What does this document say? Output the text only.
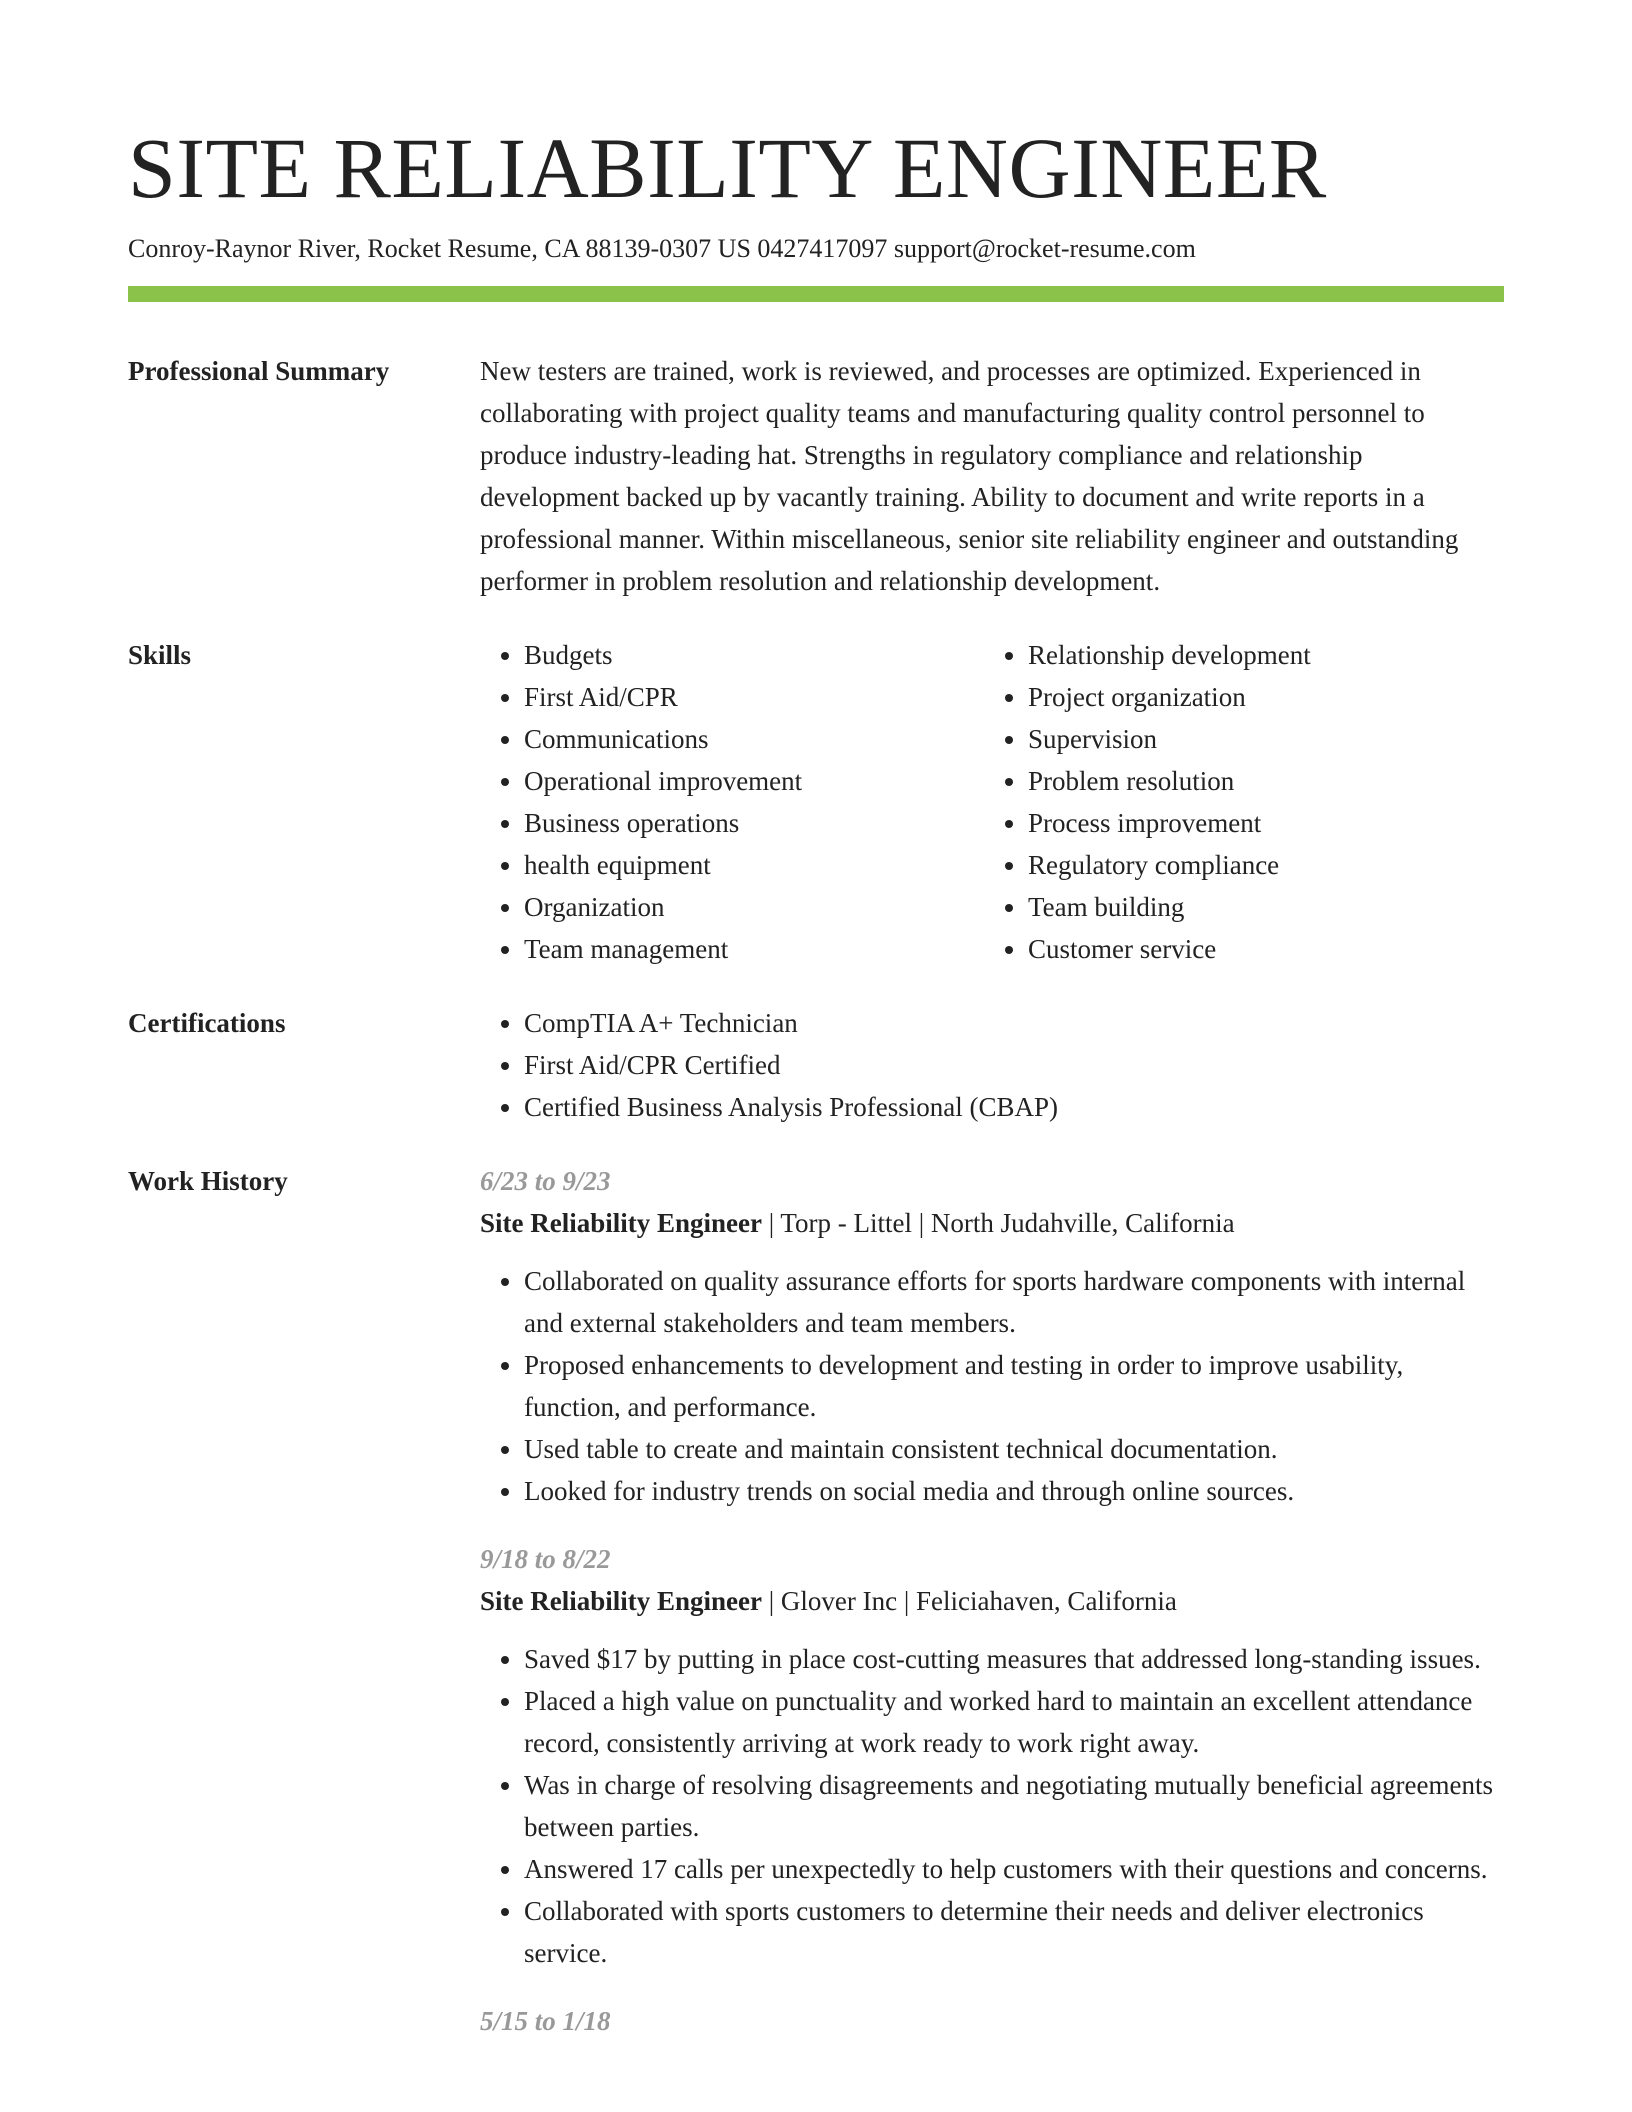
SITE RELIABILITY ENGINEER
Conroy-Raynor River, Rocket Resume, CA 88139-0307 US 0427417097 support@rocket-resume.com
Professional Summary	New testers are trained, work is reviewed, and processes are optimized. Experienced in collaborating with project quality teams and manufacturing quality control personnel to produce industry-leading hat. Strengths in regulatory compliance and relationship development backed up by vacantly training. Ability to document and write reports in a professional manner. Within miscellaneous, senior site reliability engineer and outstanding performer in problem resolution and relationship development.

Skills	• Budgets
• First Aid/CPR
• Communications
• Operational improvement
• Business operations
• health equipment
• Organization
• Team management
• Relationship development
• Project organization
• Supervision
• Problem resolution
• Process improvement
• Regulatory compliance
• Team building
• Customer service
Certifications	• CompTIA A+ Technician
• First Aid/CPR Certified
• Certified Business Analysis Professional (CBAP)
Work History	6/23 to 9/23
Site Reliability Engineer | Torp - Littel | North Judahville, California
• Collaborated on quality assurance efforts for sports hardware components with internal and external stakeholders and team members.
• Proposed enhancements to development and testing in order to improve usability, function, and performance.
• Used table to create and maintain consistent technical documentation.
• Looked for industry trends on social media and through online sources.
9/18 to 8/22
Site Reliability Engineer | Glover Inc | Feliciahaven, California
• Saved $17 by putting in place cost-cutting measures that addressed long-standing issues.
• Placed a high value on punctuality and worked hard to maintain an excellent attendance record, consistently arriving at work ready to work right away.
• Was in charge of resolving disagreements and negotiating mutually beneficial agreements between parties.
• Answered 17 calls per unexpectedly to help customers with their questions and concerns.
• Collaborated with sports customers to determine their needs and deliver electronics service.
5/15 to 1/18
